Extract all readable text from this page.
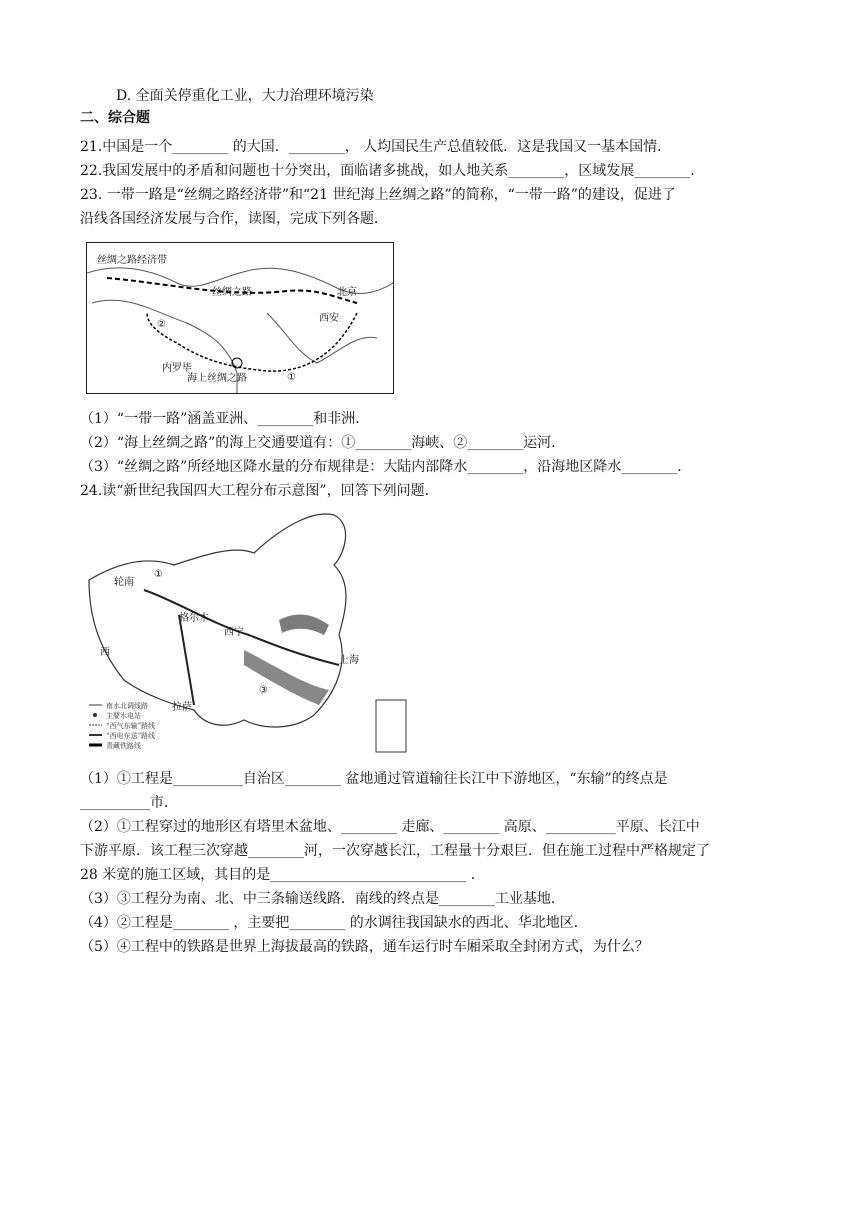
D. 全面关停重化工业，大力治理环境污染
二、综合题
21.中国是一个________ 的大国．________， 人均国民生产总值较低．这是我国又一基本国情．
22.我国发展中的矛盾和问题也十分突出，面临诸多挑战，如人地关系________，区域发展________．
23. 一带一路是“丝绸之路经济带”和“21 世纪海上丝绸之路”的简称，“一带一路”的建设，促进了
沿线各国经济发展与合作，读图，完成下列各题．
丝绸之路经济带
丝绸之路	北京
西安
海上丝绸之路
内罗毕
②
①
（1）“一带一路”涵盖亚洲、________和非洲．
（2）“海上丝绸之路”的海上交通要道有：①________海峡、②________运河．
（3）“丝绸之路”所经地区降水量的分布规律是：大陆内部降水________，沿海地区降水________．
24.读“新世纪我国四大工程分布示意图”，回答下列问题．
轮南
格尔木
西宁
拉萨
上海
西
①
③
南水北调线路
主要水电站
“西气东输”路线
“西电东送”路线
青藏铁路线
（1）①工程是__________自治区________ 盆地通过管道输往长江中下游地区，“东输”的终点是
__________市．
（2）①工程穿过的地形区有塔里木盆地、________ 走廊、________ 高原、__________平原、长江中
下游平原．该工程三次穿越________河，一次穿越长江，工程量十分艰巨．但在施工过程中严格规定了
28 米宽的施工区域，其目的是____________________________ ．
（3）③工程分为南、北、中三条输送线路．南线的终点是________工业基地．
（4）②工程是________ ，主要把________ 的水调往我国缺水的西北、华北地区．
（5）④工程中的铁路是世界上海拔最高的铁路，通车运行时车厢采取全封闭方式，为什么？
